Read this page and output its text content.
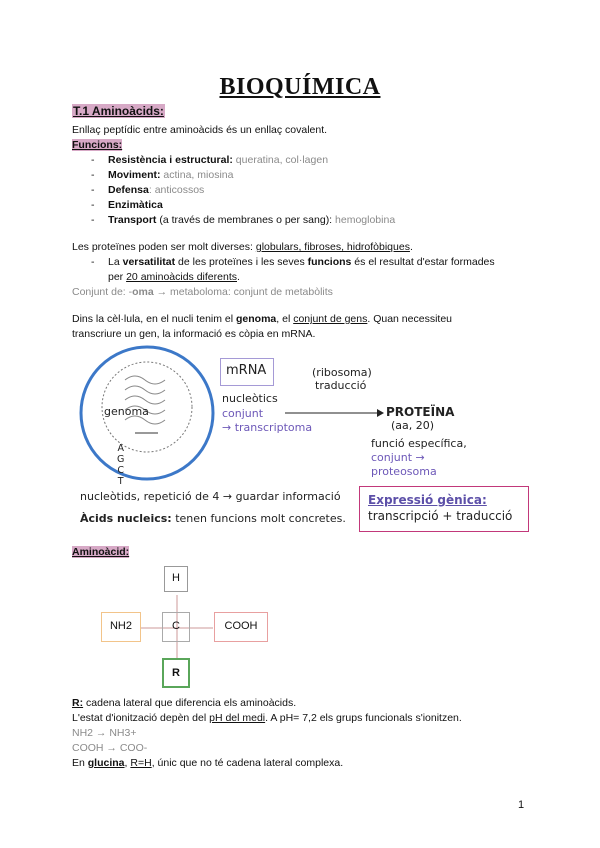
BIOQUÍMICA
T.1 Aminoàcids:
Enllaç peptídic entre aminoàcids és un enllaç covalent.
Funcions:
- Resistència i estructural: queratina, col·lagen
- Moviment: actina, miosina
- Defensa: anticossos
- Enzimàtica
- Transport (a través de membranes o per sang): hemoglobina
Les proteïnes poden ser molt diverses: globulars, fibroses, hidrofòbiques.
- La versatilitat de les proteïnes i les seves funcions és el resultat d'estar formades
per 20 aminoàcids diferents.
Conjunt de: -oma → metaboloma: conjunt de metabòlits
Dins la cèl·lula, en el nucli tenim el genoma, el conjunt de gens. Quan necessiteu
transcriure un gen, la informació es còpia en mRNA.
genoma
A
G
C
T
mRNA
nucleòtics
conjunt
→ transcriptoma
(ribosoma)
traducció
PROTEÏNA
(aa, 20)
funció específica,
conjunt →
proteosoma
nucleòtids, repetició de 4 → guardar informació
Àcids nucleics: tenen funcions molt concretes.
Expressió gènica:
transcripció + traducció
Aminoàcid:
H
NH2	C	COOH
R
R: cadena lateral que diferencia els aminoàcids.
L'estat d'ionització depèn del pH del medi. A pH= 7,2 els grups funcionals s'ionitzen.
NH2 → NH3+
COOH → COO-
En glucina, R=H, únic que no té cadena lateral complexa.
1
